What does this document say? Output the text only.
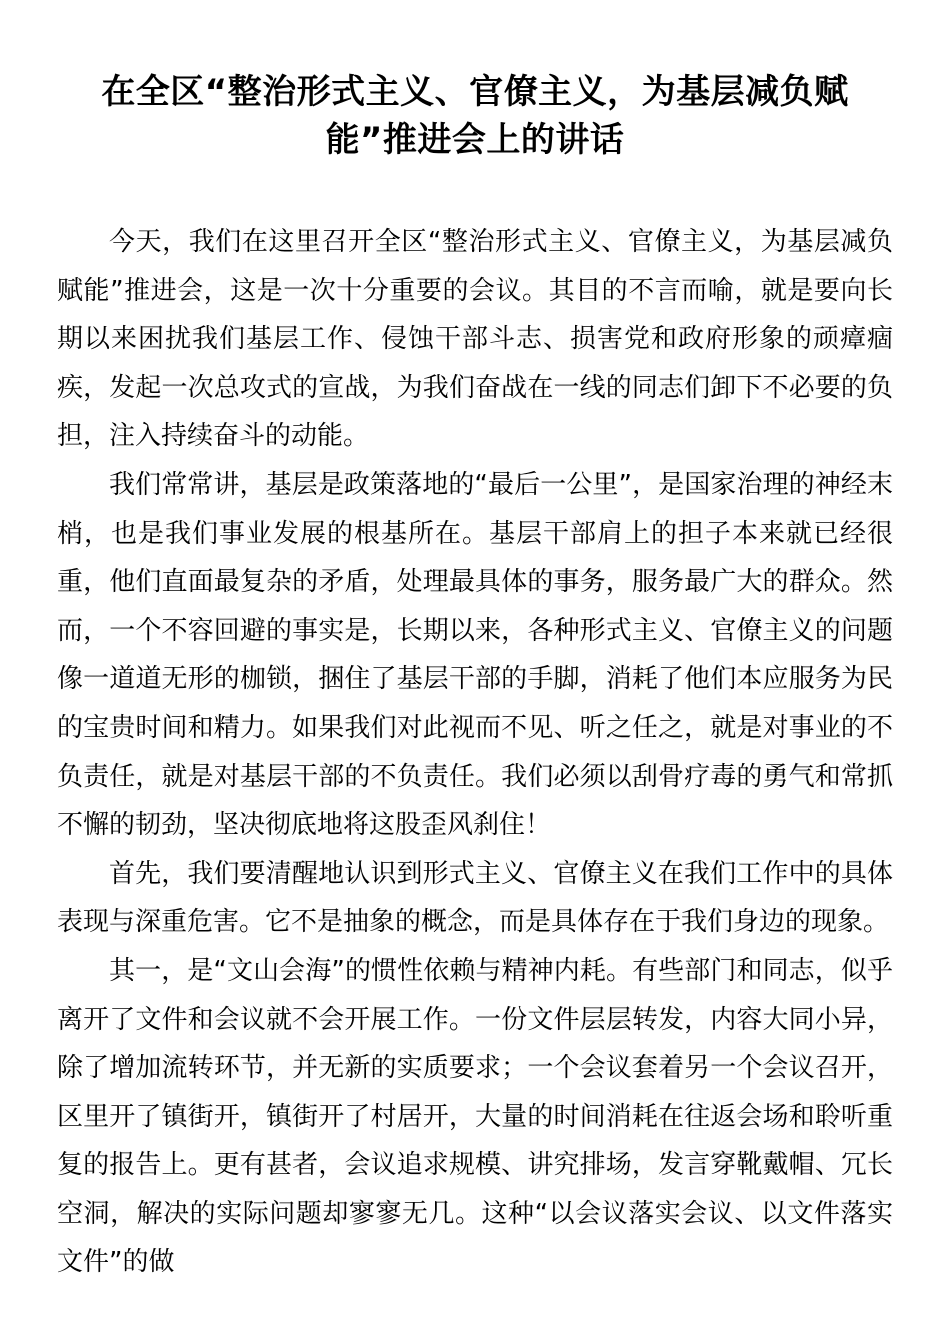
在全区“整治形式主义、官僚主义，为基层减负赋能”推进会上的讲话

今天，我们在这里召开全区“整治形式主义、官僚主义，为基层减负赋能”推进会，这是一次十分重要的会议。其目的不言而喻，就是要向长期以来困扰我们基层工作、侵蚀干部斗志、损害党和政府形象的顽瘴痼疾，发起一次总攻式的宣战，为我们奋战在一线的同志们卸下不必要的负担，注入持续奋斗的动能。

我们常常讲，基层是政策落地的“最后一公里”，是国家治理的神经末梢，也是我们事业发展的根基所在。基层干部肩上的担子本来就已经很重，他们直面最复杂的矛盾，处理最具体的事务，服务最广大的群众。然而，一个不容回避的事实是，长期以来，各种形式主义、官僚主义的问题像一道道无形的枷锁，捆住了基层干部的手脚，消耗了他们本应服务为民的宝贵时间和精力。如果我们对此视而不见、听之任之，就是对事业的不负责任，就是对基层干部的不负责任。我们必须以刮骨疗毒的勇气和常抓不懈的韧劲，坚决彻底地将这股歪风刹住！

首先，我们要清醒地认识到形式主义、官僚主义在我们工作中的具体表现与深重危害。它不是抽象的概念，而是具体存在于我们身边的现象。

其一，是“文山会海”的惯性依赖与精神内耗。有些部门和同志，似乎离开了文件和会议就不会开展工作。一份文件层层转发，内容大同小异，除了增加流转环节，并无新的实质要求；一个会议套着另一个会议召开，区里开了镇街开，镇街开了村居开，大量的时间消耗在往返会场和聆听重复的报告上。更有甚者，会议追求规模、讲究排场，发言穿靴戴帽、冗长空洞，解决的实际问题却寥寥无几。这种“以会议落实会议、以文件落实文件”的做
